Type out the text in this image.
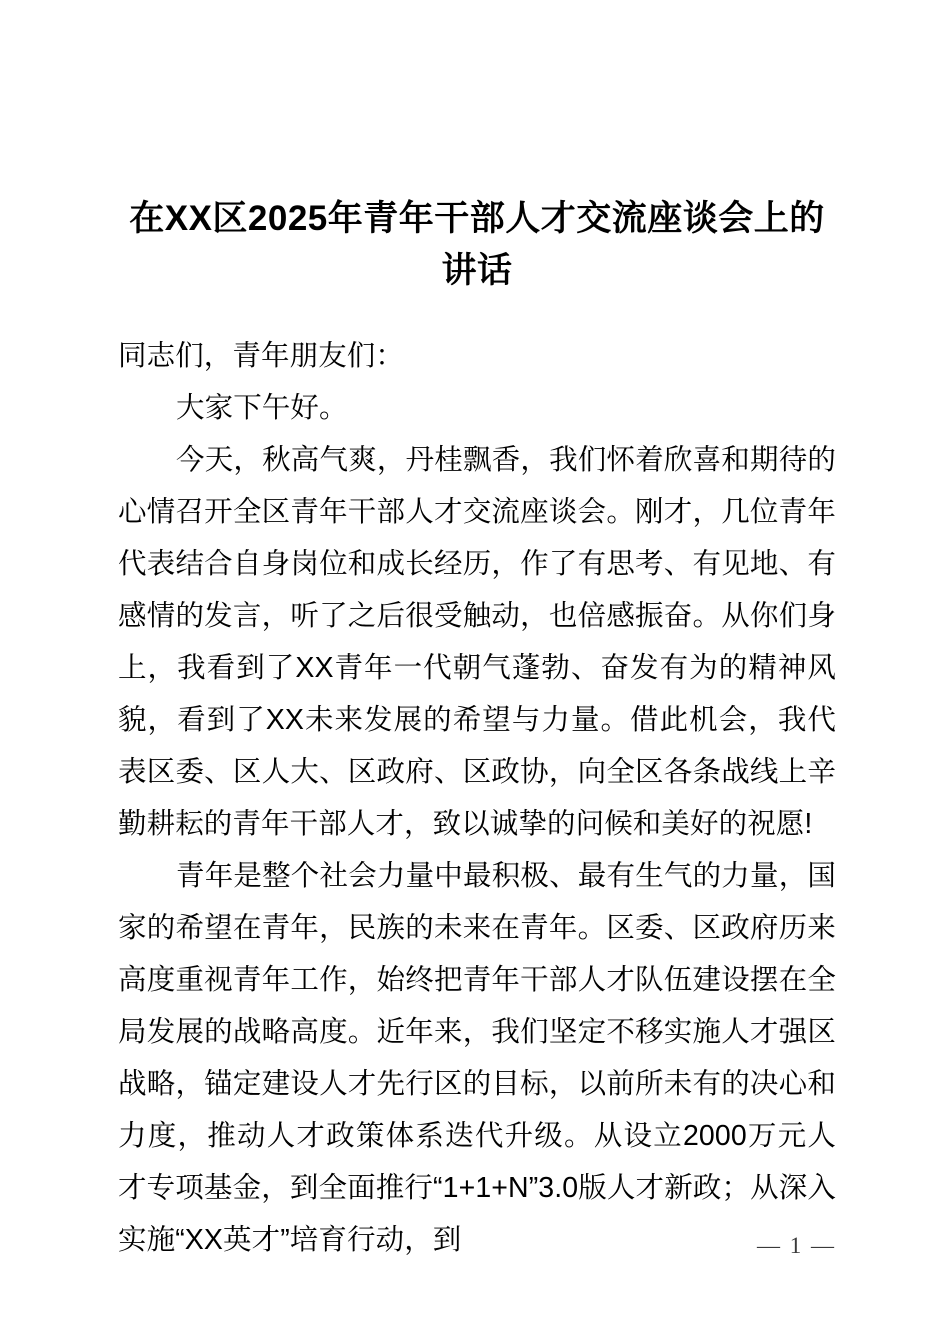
在XX区2025年青年干部人才交流座谈会上的讲话

同志们，青年朋友们：

大家下午好。

今天，秋高气爽，丹桂飘香，我们怀着欣喜和期待的心情召开全区青年干部人才交流座谈会。刚才，几位青年代表结合自身岗位和成长经历，作了有思考、有见地、有感情的发言，听了之后很受触动，也倍感振奋。从你们身上，我看到了XX青年一代朝气蓬勃、奋发有为的精神风貌，看到了XX未来发展的希望与力量。借此机会，我代表区委、区人大、区政府、区政协，向全区各条战线上辛勤耕耘的青年干部人才，致以诚挚的问候和美好的祝愿!

青年是整个社会力量中最积极、最有生气的力量，国家的希望在青年，民族的未来在青年。区委、区政府历来高度重视青年工作，始终把青年干部人才队伍建设摆在全局发展的战略高度。近年来，我们坚定不移实施人才强区战略，锚定建设人才先行区的目标，以前所未有的决心和力度，推动人才政策体系迭代升级。从设立2000万元人才专项基金，到全面推行“1+1+N”3.0版人才新政；从深入实施“XX英才”培育行动，到	— 1 —
